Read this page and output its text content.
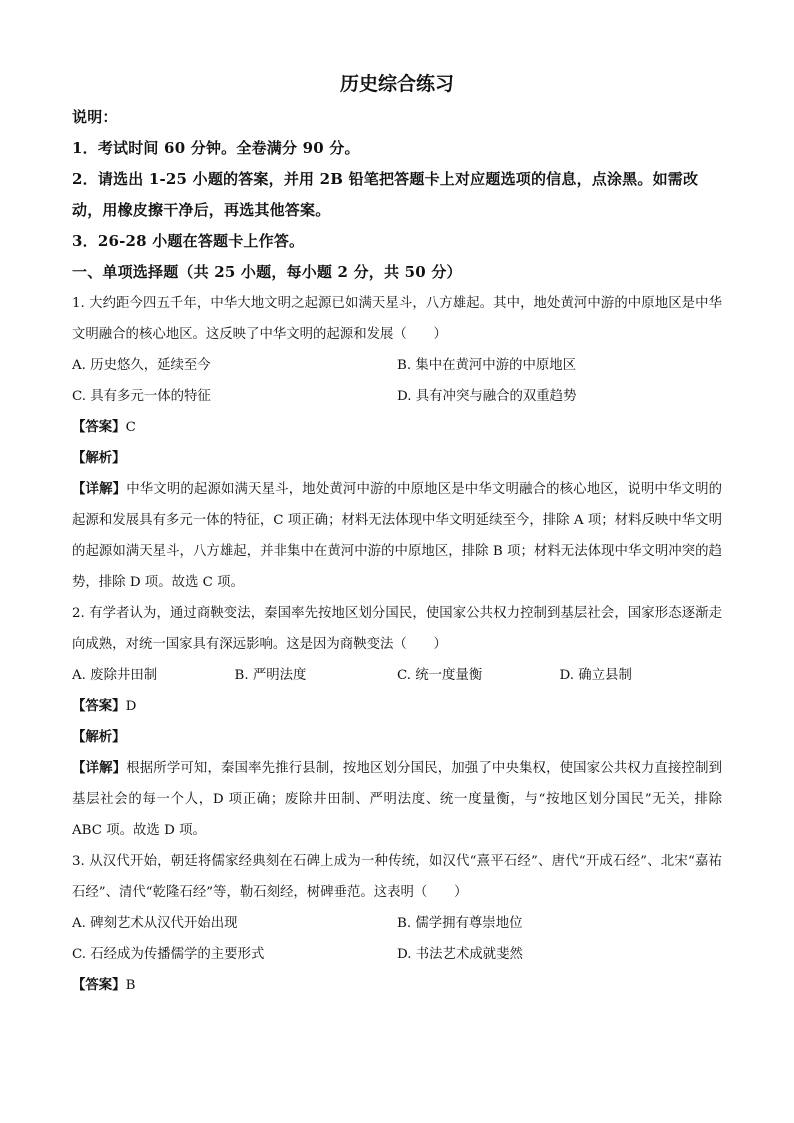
历史综合练习
说明：
1．考试时间 60 分钟。全卷满分 90 分。
2．请选出 1-25 小题的答案，并用 2B 铅笔把答题卡上对应题选项的信息，点涂黑。如需改动，用橡皮擦干净后，再选其他答案。
3．26-28 小题在答题卡上作答。
一、单项选择题（共 25 小题，每小题 2 分，共 50 分）
1. 大约距今四五千年，中华大地文明之起源已如满天星斗，八方雄起。其中，地处黄河中游的中原地区是中华文明融合的核心地区。这反映了中华文明的起源和发展（　　）
A. 历史悠久，延续至今	B. 集中在黄河中游的中原地区
C. 具有多元一体的特征	D. 具有冲突与融合的双重趋势
【答案】C
【解析】
【详解】中华文明的起源如满天星斗，地处黄河中游的中原地区是中华文明融合的核心地区，说明中华文明的起源和发展具有多元一体的特征，C 项正确；材料无法体现中华文明延续至今，排除 A 项；材料反映中华文明的起源如满天星斗，八方雄起，并非集中在黄河中游的中原地区，排除 B 项；材料无法体现中华文明冲突的趋势，排除 D 项。故选 C 项。
2. 有学者认为，通过商鞅变法，秦国率先按地区划分国民，使国家公共权力控制到基层社会，国家形态逐渐走向成熟，对统一国家具有深远影响。这是因为商鞅变法（　　）
A. 废除井田制	B. 严明法度	C. 统一度量衡	D. 确立县制
【答案】D
【解析】
【详解】根据所学可知，秦国率先推行县制，按地区划分国民，加强了中央集权，使国家公共权力直接控制到基层社会的每一个人，D 项正确；废除井田制、严明法度、统一度量衡，与“按地区划分国民”无关，排除 ABC 项。故选 D 项。
3. 从汉代开始，朝廷将儒家经典刻在石碑上成为一种传统，如汉代“熹平石经”、唐代“开成石经”、北宋“嘉祐石经”、清代“乾隆石经”等，勒石刻经，树碑垂范。这表明（　　）
A. 碑刻艺术从汉代开始出现	B. 儒学拥有尊崇地位
C. 石经成为传播儒学的主要形式	D. 书法艺术成就斐然
【答案】B
